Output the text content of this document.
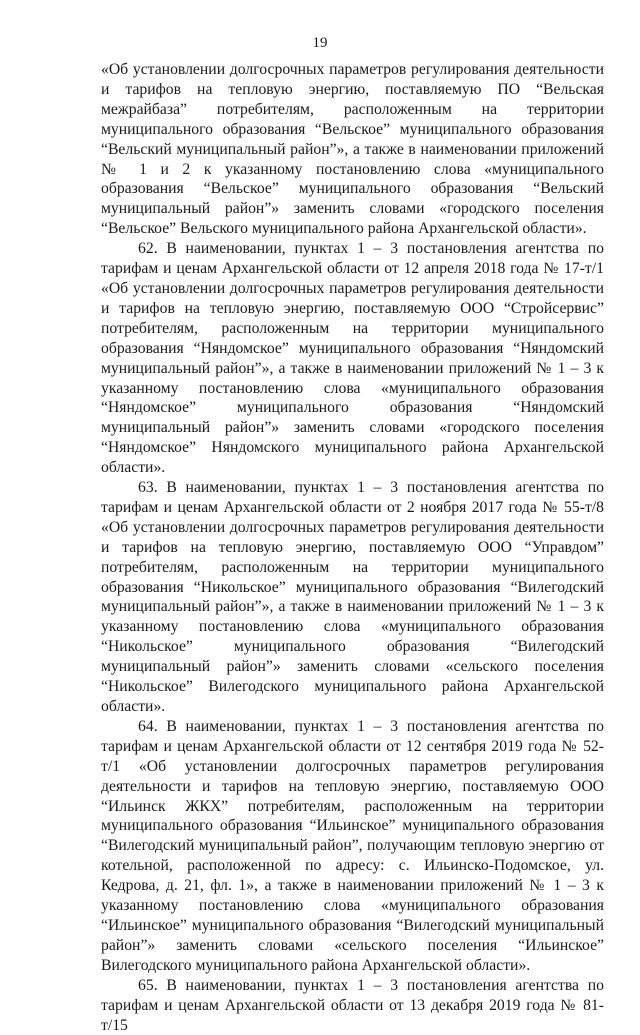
19

«Об установлении долгосрочных параметров регулирования деятельности и тарифов на тепловую энергию, поставляемую ПО “Вельская межрайбаза” потребителям, расположенным на территории муниципального образования “Вельское” муниципального образования “Вельский муниципальный район”», а также в наименовании приложений № 1 и 2 к указанному постановлению слова «муниципального образования “Вельское” муниципального образования “Вельский муниципальный район”» заменить словами «городского поселения “Вельское” Вельского муниципального района Архангельской области».

62. В наименовании, пунктах 1 – 3 постановления агентства по тарифам и ценам Архангельской области от 12 апреля 2018 года № 17-т/1 «Об установлении долгосрочных параметров регулирования деятельности и тарифов на тепловую энергию, поставляемую ООО “Стройсервис” потребителям, расположенным на территории муниципального образования “Няндомское” муниципального образования “Няндомский муниципальный район”», а также в наименовании приложений № 1 – 3 к указанному постановлению слова «муниципального образования “Няндомское” муниципального образования “Няндомский муниципальный район”» заменить словами «городского поселения “Няндомское” Няндомского муниципального района Архангельской области».

63. В наименовании, пунктах 1 – 3 постановления агентства по тарифам и ценам Архангельской области от 2 ноября 2017 года № 55-т/8 «Об установлении долгосрочных параметров регулирования деятельности и тарифов на тепловую энергию, поставляемую ООО “Управдом” потребителям, расположенным на территории муниципального образования “Никольское” муниципального образования “Вилегодский муниципальный район”», а также в наименовании приложений № 1 – 3 к указанному постановлению слова «муниципального образования “Никольское” муниципального образования “Вилегодский муниципальный район”» заменить словами «сельского поселения “Никольское” Вилегодского муниципального района Архангельской области».

64. В наименовании, пунктах 1 – 3 постановления агентства по тарифам и ценам Архангельской области от 12 сентября 2019 года № 52-т/1 «Об установлении долгосрочных параметров регулирования деятельности и тарифов на тепловую энергию, поставляемую ООО “Ильинск ЖКХ” потребителям, расположенным на территории муниципального образования “Ильинское” муниципального образования “Вилегодский муниципальный район”, получающим тепловую энергию от котельной, расположенной по адресу: с. Ильинско-Подомское, ул. Кедрова, д. 21, фл. 1», а также в наименовании приложений № 1 – 3 к указанному постановлению слова «муниципального образования “Ильинское” муниципального образования “Вилегодский муниципальный район”» заменить словами «сельского поселения “Ильинское” Вилегодского муниципального района Архангельской области».

65. В наименовании, пунктах 1 – 3 постановления агентства по тарифам и ценам Архангельской области от 13 декабря 2019 года № 81-т/15
